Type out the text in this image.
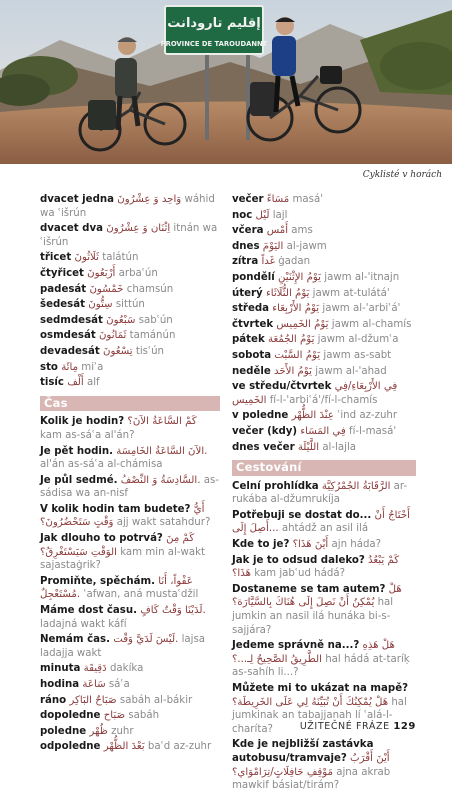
إقليم تارودانت
PROVINCE DE TAROUDANNT
Cyklisté v horách
dvacet jedna وَاحِد وَ عِشْرُونَ wáhid wa ʿišrún
dvacet dva اِثْنَان وَ عِشْرُونَ itnán wa ʿišrún
třicet ثَلَاثُونَ talátún
čtyřicet أَرْبَعُونَ arbaʿún
padesát خَمْسُونَ chamsún
šedesát سِتُّونَ sittún
sedmdesát سَبْعُونَ sabʿún
osmdesát ثَمَانُونَ tamánún
devadesát تِسْعُونَ tisʿún
sto مِائَة miʾa
tisíc أَلْف alf
Čas
Kolik je hodin? كَمْ السَّاعَةُ الآنَ؟ kam as-sáʿa al'án?
Je pět hodin. الآنَ السَّاعَةُ الخَامِسَة. al'án as-sáʿa al-chámisa
Je půl sedmé. السَّادِسَةُ وَ النِّصْفُ. as-sádisa wa an-nisf
V kolik hodin tam budete? أَيُّ وَقْتٍ سَتَحْضُرُونَ؟ ajj wakt satahdur?
Jak dlouho to potrvá? كَمْ مِنَ الوَقْتِ سَيَسْتَغْرِقُ؟ kam min al-wakt sajastaġrik?
Promiňte, spěchám. عَفْواً، أَنَا مُسْتَعْجِلٌ. ʿafwan, aná mustaʿdžil
Máme dost času. لَدَيْنَا وَقْتٌ كَافٍ. ladajná wakt káfí
Nemám čas. لَيْسَ لَدَيَّ وَقْت. lajsa ladajja wakt
minuta دَقِيقَة dakíka
hodina سَاعَة sáʿa
ráno صَبَاحٌ البَاكِر sabáh al-bákir
dopoledne صَبَاح sabáh
poledne ظُهْر zuhr
odpoledne بَعْدَ الظُّهْر baʿd az-zuhr
večer مَسَاءً masá'
noc لَيْل lajl
včera أَمْس ams
dnes اليَوْمَ al-jawm
zítra غَداً ġadan
pondělí يَوْمُ الإِثْنَيْنِ jawm al-'itnajn
úterý يَوْمُ الثُّلَاثَاء jawm at-tulátá'
středa يَوْمُ الأَرْبِعَاء jawm al-'arbiʿá'
čtvrtek يَوْمُ الخَمِيس jawm al-chamís
pátek يَوْمُ الجُمُعَة jawm al-džumʿa
sobota يَوْمُ السَّبْت jawm as-sabt
neděle يَوْمُ الأَحَد jawm al-'ahad
ve středu/čtvrtek فِي الأَرْبِعَاءِ/فِي الخَمِيس fí-l-'arbiʿá'/fí-l-chamís
v poledne عِنْدَ الظُّهْر ʿind az-zuhr
večer (kdy) فِي المَسَاء fí-l-masá'
dnes večer اللَّيْلَة al-lajla
Cestování
Celní prohlídka الرَّقَابَةُ الجُمْرُكِيَّة ar-rukába al-džumrukíja
Potřebuji se dostat do... أَحْتَاجُ أَنْ أَصِلَ إِلَى... ahtádž an asil ilá
Kde to je? أَيْنَ هَذَا؟ ajn háda?
Jak je to odsud daleko? كَمْ يَبْعُدُ هَذَا؟ kam jabʿud hádá?
Dostaneme se tam autem? هَلْ يُمْكِنُ أَنْ نَصِلَ إِلَى هُنَاكَ بِالسَّيَّارَة؟ hal jumkin an nasil ilá hunáka bi-s-sajjára?
Jedeme správně na...? هَلْ هَذِهِ الطَّرِيقُ الصَّحِيحُ لِـ...؟ hal hádá at-taríḳ as-sahíh li...?
Můžete mi to ukázat na mapě? هَلْ يُمْكِنُكَ أَنْ تُبَيِّنَهُ لِي عَلَى الخَرِيطَة؟ hal jumkinak an tabajjanah lí ʿalá-l-charíta?
Kde je nejbližší zastávka autobusu/tramvaje? أَيْنَ أَقْرَبُ مَوْقِفِ حَافِلَاتٍ/تِرَامْوَاي؟ ajna akrab mawkif básiat/tirám?
UŽITEČNÉ FRÁZE 129
